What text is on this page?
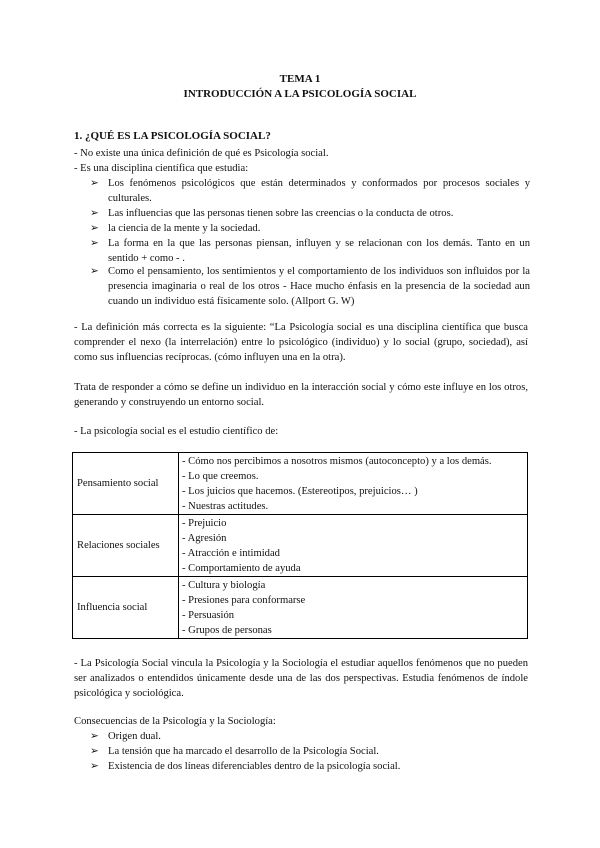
TEMA 1
INTRODUCCIÓN A LA PSICOLOGÍA SOCIAL
1. ¿QUÉ ES LA PSICOLOGÍA SOCIAL?
- No existe una única definición de qué es Psicología social.
- Es una disciplina científica que estudia:
➢ Los fenómenos psicológicos que están determinados y conformados por procesos sociales y culturales.
➢ Las influencias que las personas tienen sobre las creencias o la conducta de otros.
➢ la ciencia de la mente y la sociedad.
➢ La forma en la que las personas piensan, influyen y se relacionan con los demás. Tanto en un sentido + como - .
➢ Como el pensamiento, los sentimientos y el comportamiento de los individuos son influidos por la presencia imaginaria o real de los otros - Hace mucho énfasis en la presencia de la sociedad aun cuando un individuo está físicamente solo. (Allport G. W)
- La definición más correcta es la siguiente: “La Psicología social es una disciplina científica que busca comprender el nexo (la interrelación) entre lo psicológico (individuo) y lo social (grupo, sociedad), así como sus influencias recíprocas. (cómo influyen una en la otra).
Trata de responder a cómo se define un individuo en la interacción social y cómo este influye en los otros, generando y construyendo un entorno social.
- La psicología social es el estudio científico de:
Pensamiento social	- Cómo nos percibimos a nosotros mismos (autoconcepto) y a los demás.
- Lo que creemos.
- Los juicios que hacemos. (Estereotipos, prejuicios… )
- Nuestras actitudes.

Relaciones sociales	- Prejuicio
- Agresión
- Atracción e intimidad
- Comportamiento de ayuda

Influencia social	- Cultura y biología
- Presiones para conformarse
- Persuasión
- Grupos de personas
- La Psicología Social vincula la Psicología y la Sociología el estudiar aquellos fenómenos que no pueden ser analizados o entendidos únicamente desde una de las dos perspectivas. Estudia fenómenos de índole psicológica y sociológica.
Consecuencias de la Psicología y la Sociología:
➢ Origen dual.
➢ La tensión que ha marcado el desarrollo de la Psicología Social.
➢ Existencia de dos líneas diferenciables dentro de la psicología social.
